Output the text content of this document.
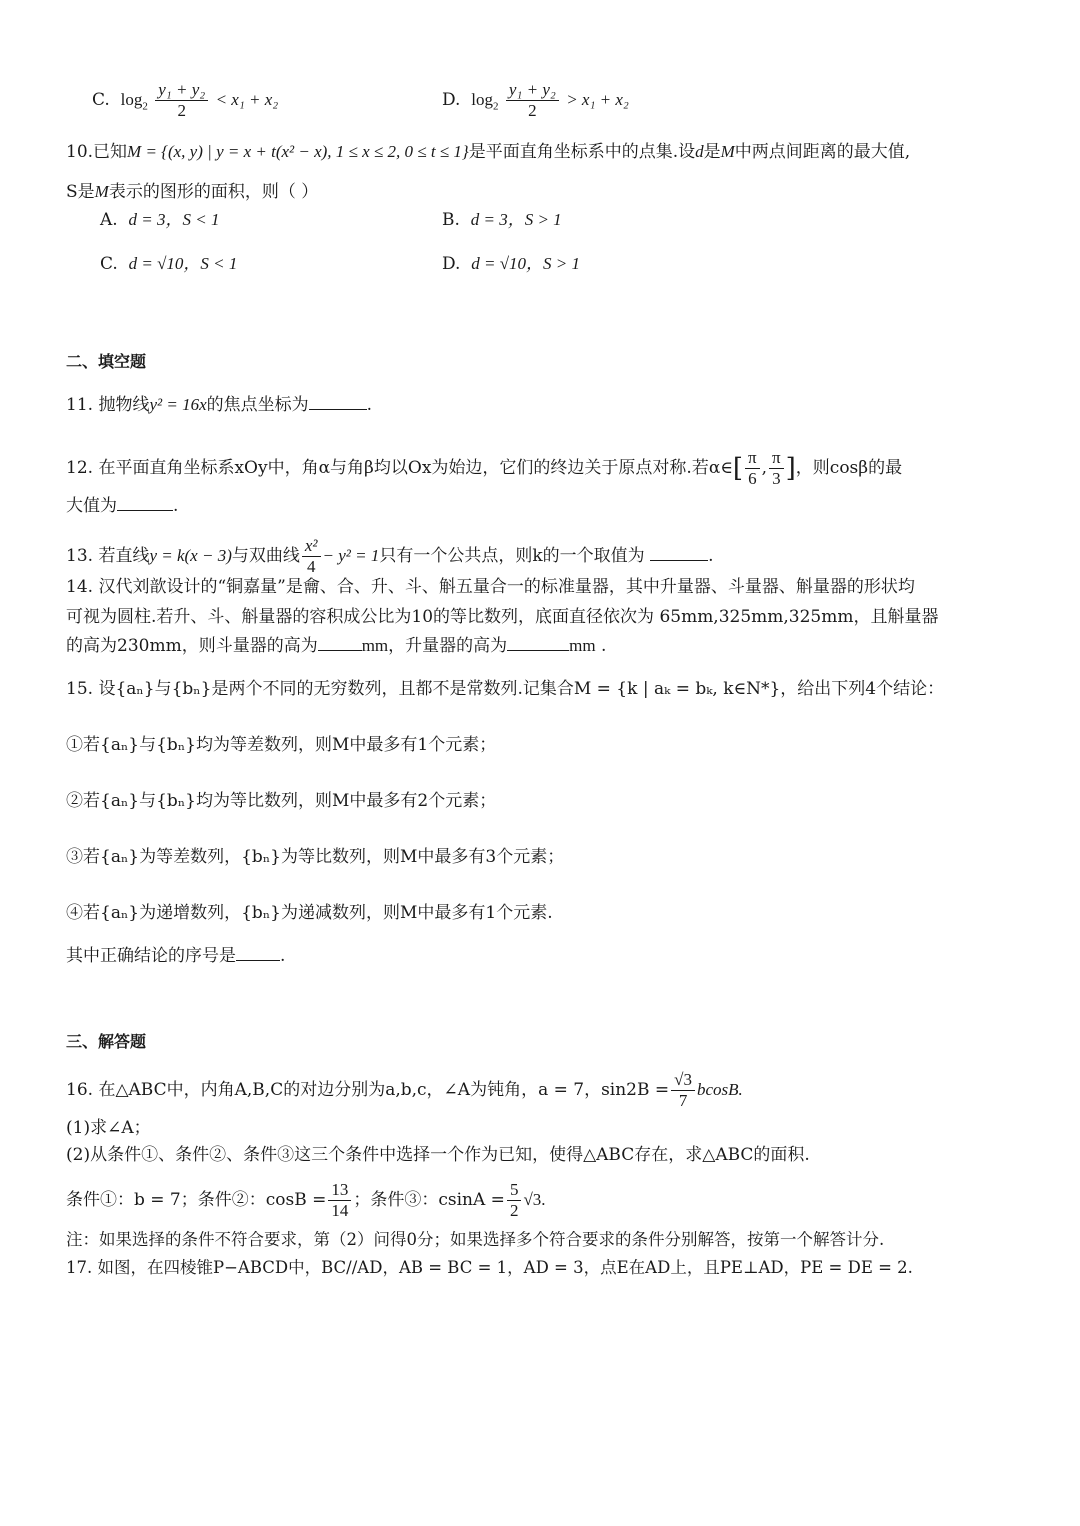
C. $\log_2 \frac{\text{y₁ + y₂}}{2} < x_1 + x_2$	D. $\log_2 \frac{\text{y₁ + y₂}}{2} > x_1 + x_2$
10.已知M = {(x, y) | y = x + t(x² − x), 1 ≤ x ≤ 2, 0 ≤ t ≤ 1}是平面直角坐标系中的点集.设d是M中两点间距离的最大值,
S是M表示的图形的面积，则（ ）
A. d = 3，S < 1	B. d = 3，S > 1
C. d = √10，S < 1	D. d = √10，S > 1
二、填空题
11. 抛物线y² = 16x的焦点坐标为	.
12. 在平面直角坐标系xOy中，角α与角β均以Ox为始边，它们的终边关于原点对称.若α∈[ $\frac{\pi}{6}$ , $\frac{\pi}{3}$ ]，则cosβ的最
大值为	.
13. 若直线y = k(x − 3)与双曲线 $\frac{\text{x²}}{4} - y^2 = 1$只有一个公共点，则k的一个取值为	.
14. 汉代刘歆设计的“铜嘉量”是龠、合、升、斗、斛五量合一的标准量器，其中升量器、斗量器、斛量器的形状均
可视为圆柱.若升、斗、斛量器的容积成公比为10的等比数列，底面直径依次为 65mm,325mm,325mm，且斛量器
的高为230mm，则斗量器的高为	mm，升量器的高为	mm .
15. 设{aₙ}与{bₙ}是两个不同的无穷数列，且都不是常数列.记集合M = {k | aₖ = bₖ, k∈N*}，给出下列4个结论：
①若{aₙ}与{bₙ}均为等差数列，则M中最多有1个元素；
②若{aₙ}与{bₙ}均为等比数列，则M中最多有2个元素；
③若{aₙ}为等差数列，{bₙ}为等比数列，则M中最多有3个元素；
④若{aₙ}为递增数列，{bₙ}为递减数列，则M中最多有1个元素.
其中正确结论的序号是	.
三、解答题
16. 在△ABC中，内角A,B,C的对边分别为a,b,c，∠A为钝角，a = 7，$\sin 2B = \frac{√3}{7} bcosB$.
(1)求∠A；
(2)从条件①、条件②、条件③这三个条件中选择一个作为已知，使得△ABC存在，求△ABC的面积.
条件①：b = 7；条件②：$\cos B = \frac{13}{14}$ ；条件③：$csinA = \frac{5}{2} √3$.
注：如果选择的条件不符合要求，第（2）问得0分；如果选择多个符合要求的条件分别解答，按第一个解答计分.
17. 如图，在四棱锥P−ABCD中，BC//AD，AB = BC = 1，AD = 3，点E在AD上，且PE⊥AD，PE = DE = 2.
